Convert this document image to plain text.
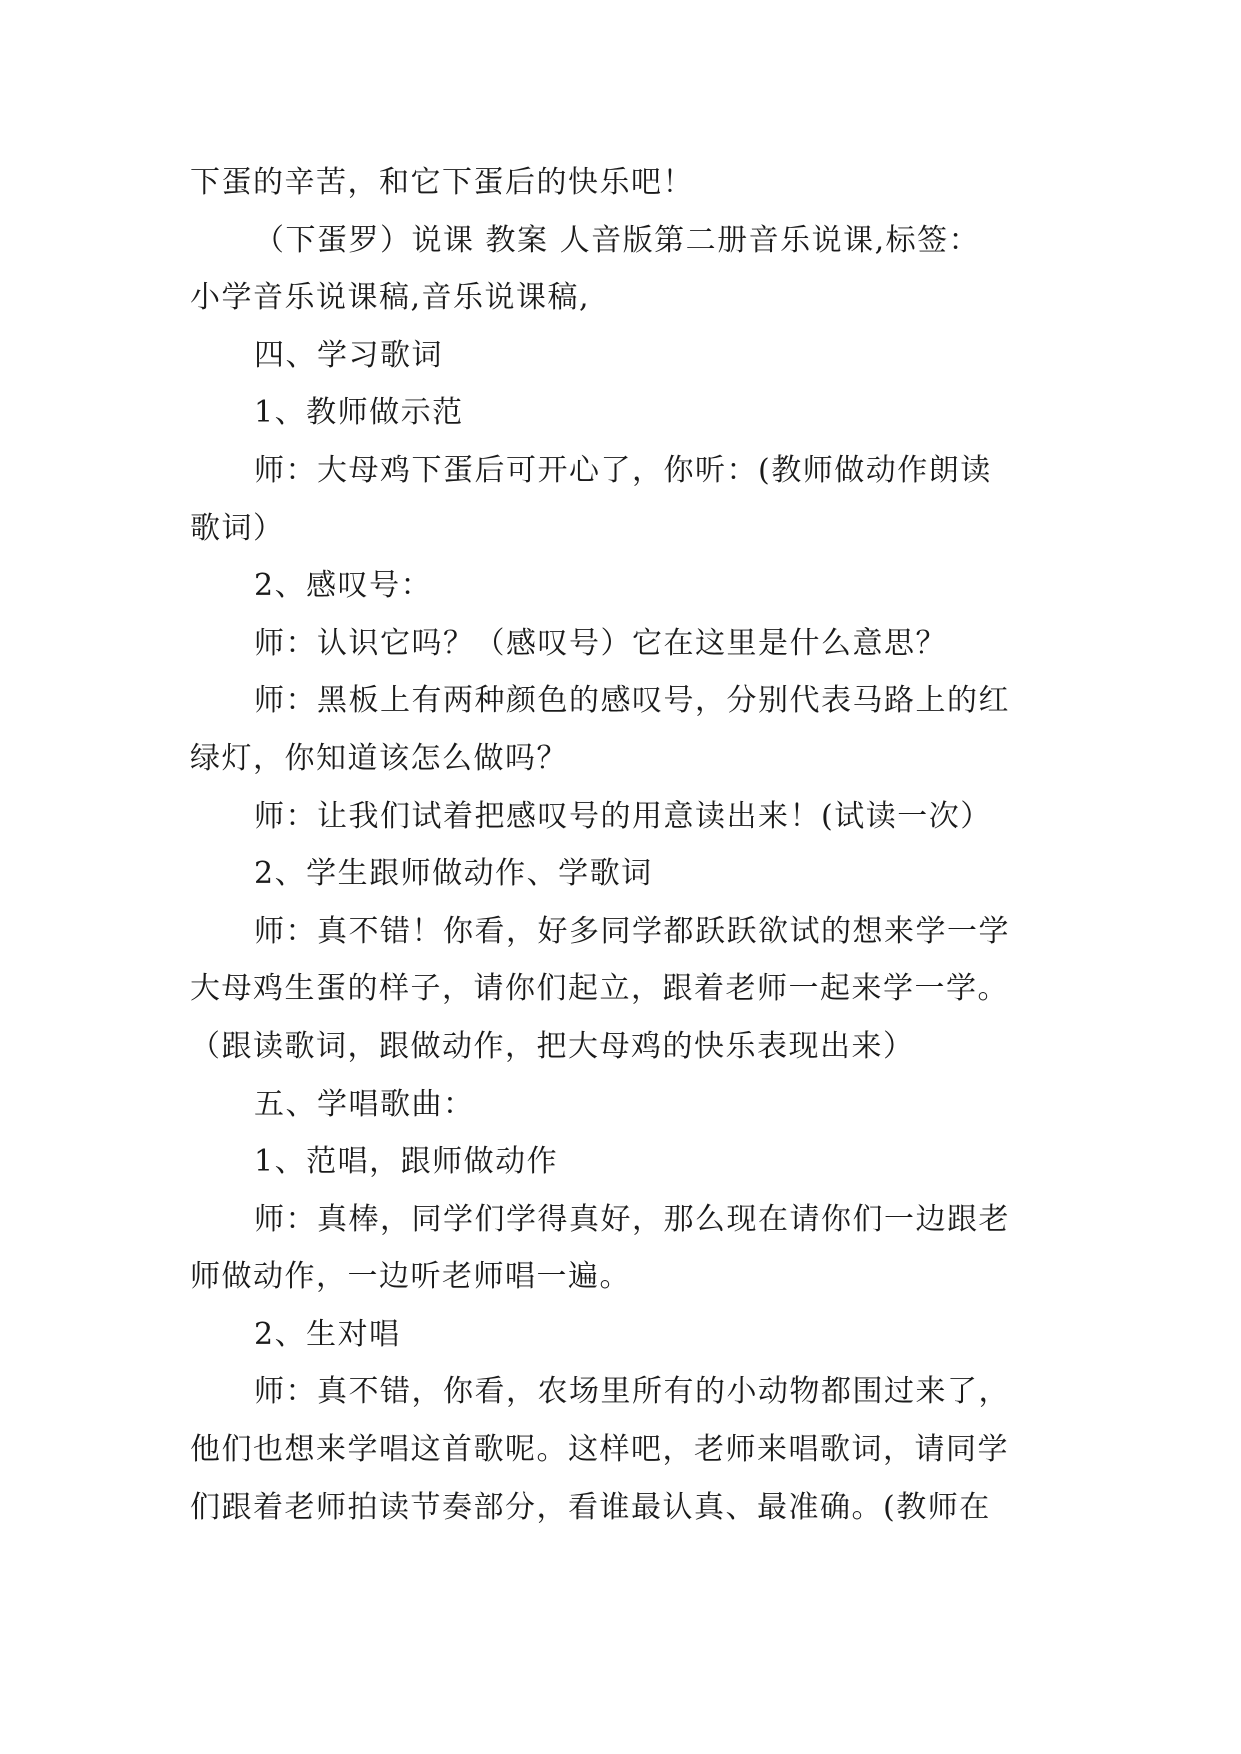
下蛋的辛苦，和它下蛋后的快乐吧！

（下蛋罗）说课 教案 人音版第二册音乐说课,标签：

小学音乐说课稿,音乐说课稿,

四、学习歌词

1、教师做示范

师：大母鸡下蛋后可开心了，你听：(教师做动作朗读

歌词）

2、感叹号：

师：认识它吗？（感叹号）它在这里是什么意思？

师：黑板上有两种颜色的感叹号，分别代表马路上的红

绿灯，你知道该怎么做吗？

师：让我们试着把感叹号的用意读出来！(试读一次）

2、学生跟师做动作、学歌词

师：真不错！你看，好多同学都跃跃欲试的想来学一学

大母鸡生蛋的样子，请你们起立，跟着老师一起来学一学。

（跟读歌词，跟做动作，把大母鸡的快乐表现出来）

五、学唱歌曲：

1、范唱，跟师做动作

师：真棒，同学们学得真好，那么现在请你们一边跟老

师做动作，一边听老师唱一遍。

2、生对唱

师：真不错，你看，农场里所有的小动物都围过来了，

他们也想来学唱这首歌呢。这样吧，老师来唱歌词，请同学

们跟着老师拍读节奏部分，看谁最认真、最准确。(教师在
